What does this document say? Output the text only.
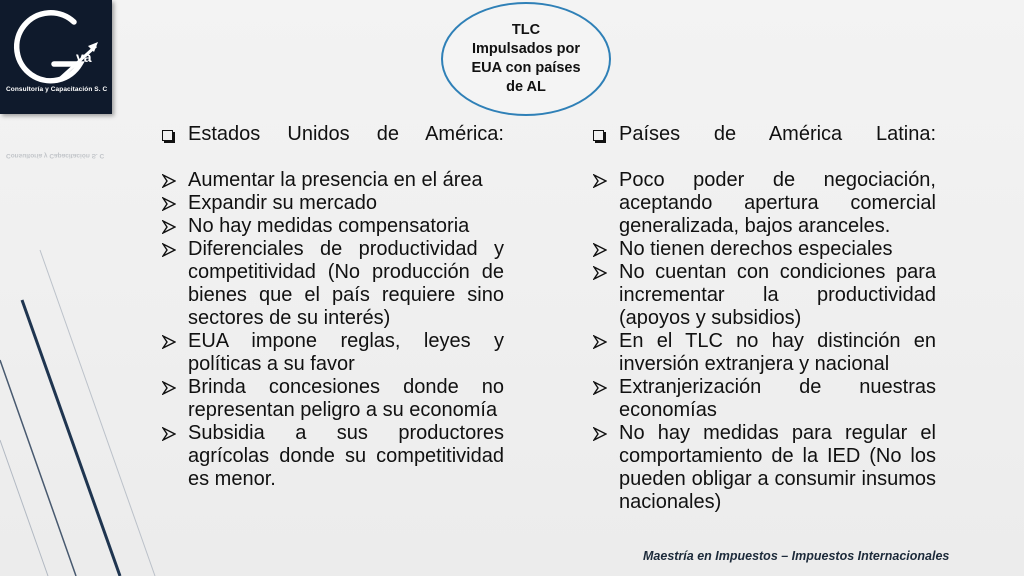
va
Consultoría y Capacitación S. C
Consultoría y Capacitación S. C
TLC
Impulsados por
EUA con países
de AL
Estados Unidos de América:
Aumentar la presencia en el área
Expandir su mercado
No hay medidas compensatoria
Diferenciales de productividad y competitividad (No producción de bienes que el país requiere sino sectores de su interés)
EUA impone reglas, leyes y políticas a su favor
Brinda concesiones donde no representan peligro a su economía
Subsidia a sus productores agrícolas donde su competitividad es menor.
Países de América Latina:
Poco poder de negociación, aceptando apertura comercial generalizada, bajos aranceles.
No tienen derechos especiales
No cuentan con condiciones para incrementar la productividad (apoyos y subsidios)
En el TLC no hay distinción en inversión extranjera y nacional
Extranjerización de nuestras economías
No hay medidas para regular el comportamiento de la IED (No los pueden obligar a consumir insumos nacionales)
Maestría en Impuestos – Impuestos Internacionales
